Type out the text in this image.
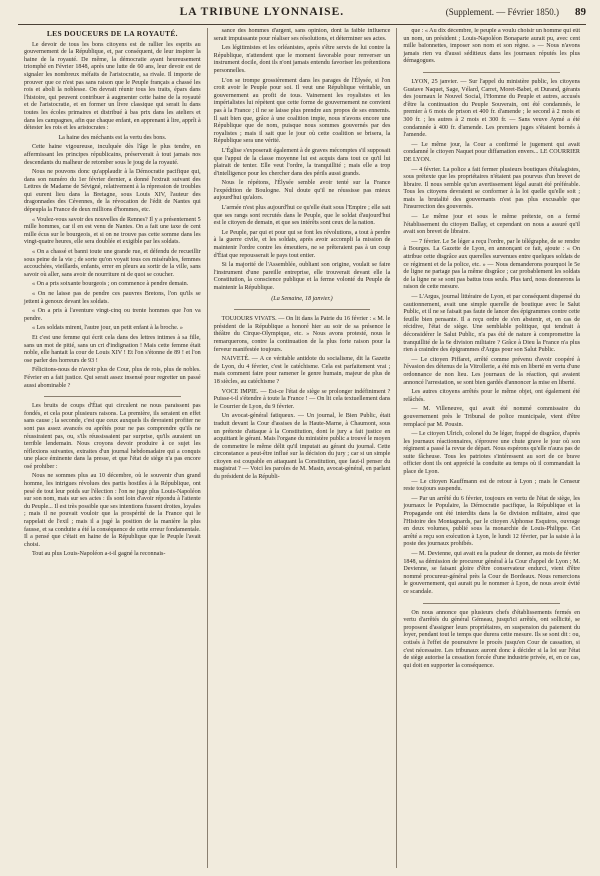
LA TRIBUNE LYONNAISE.	(Supplement. — Février 1850.) 89

LES DOUCEURS DE LA ROYAUTÉ.

Le devoir de tous les bons citoyens est de rallier les esprits au gouvernement de la République, et, par conséquent, de leur inspirer la haine de la royauté. De même, la démocratie ayant heureusement triomphé en Février 1848, après une lutte de 60 ans, leur devoir est de signaler les nombreux méfaits de l'aristocratie, sa rivale. Il importe de prouver que ce n'est pas sans raison que le Peuple français a chassé les rois et aboli la noblesse. On devrait réunir tous les traits, épars dans l'histoire, qui peuvent contribuer à augmenter cette haine de la royauté et de l'aristocratie, et en former un livre classique qui serait lu dans toutes les écoles primaires et distribué à bas prix dans les ateliers et dans les campagnes, afin que chaque enfant, en apprenant à lire, apprît à détester les rois et les aristocrates :

La haine des méchants est la vertu des bons.

Cette haine vigoureuse, inculquée dès l'âge le plus tendre, en affermissant les principes républicains, préserverait à tout jamais nos descendants du malheur de retomber sous le joug de la royauté.

Nous ne pouvons donc qu'applaudir à la Démocratie pacifique qui, dans son numéro du 1er février dernier, a donné l'extrait suivant des Lettres de Madame de Sévigné, relativement à la répression de troubles qui eurent lieu dans la Bretagne, sous Louis XIV, l'auteur des dragonnades des Cévennes, de la révocation de l'édit de Nantes qui dépeupla la France de deux millions d'hommes, etc.

« Voulez-vous savoir des nouvelles de Rennes? Il y a présentement 5 mille hommes, car il en est venu de Nantes. On a fait une taxe de cent mille écus sur le bourgeois, et si on ne trouve pas cette somme dans les vingt-quatre heures, elle sera doublée et exigible par les soldats.

« On a chassé et banni toute une grande rue, et défendu de recueillir sous peine de la vie ; de sorte qu'on voyait tous ces misérables, femmes accouchées, vieillards, enfants, errer en pleurs au sortir de la ville, sans savoir où aller, sans avoir de nourriture ni de quoi se coucher.

« On a pris soixante bourgeois ; on commence à pendre demain.

« On ne laisse pas de pendre ces pauvres Bretons, l'on qu'ils se jettent à genoux devant les soldats.

« On a pris à l'aventure vingt-cinq ou trente hommes que l'on va pendre.

« Les soldats mirent, l'autre jour, un petit enfant à la broche. »

Et c'est une femme qui écrit cela dans des lettres intimes à sa fille, sans un mot de pitié, sans un cri d'indignation ! Mais cette femme était noble, elle hantait la cour de Louis XIV ! Et l'on s'étonne de 89 ! et l'on ose parler des horreurs de 93 !

Félicitons-nous de n'avoir plus de Cour, plus de rois, plus de nobles. Février en a fait justice. Qui serait assez insensé pour regretter un passé aussi abominable ?

Les bruits de coups d'État qui circulent ne nous paraissent pas fondés, et cela pour plusieurs raisons. La première, ils seraient en effet sans cause ; la seconde, c'est que ceux auxquels ils devraient profiter ne sont pas assez avancés ou aprêtés pour ne pas comprendre qu'ils ne réussiraient pas, ou, s'ils réussissaient par surprise, qu'ils auraient un terrible lendemain. Nous croyons devoir produire à ce sujet les réflexions suivantes, extraites d'un journal hebdomadaire qui a conquis une place éminente dans la presse, et que l'état de siège n'a pas encore osé prohiber :

Nous ne sommes plus au 10 décembre, où le souvenir d'un grand homme, les intrigues révolues des partis hostiles à la République, ont pesé de tout leur poids sur l'élection : l'on ne juge plus Louis-Napoléon sur son nom, mais sur ses actes : ils sont loin d'avoir répondu à l'attente du Peuple... Il est très possible que ses intentions fussent droites, loyales ; mais il ne pouvait vouloir que la prospérité de la France qui le rappelait de l'exil ; mais il a jugé la position de la manière la plus fausse, et sa conduite a été la conséquence de cette erreur fondamentale. Il a pensé que c'était en haine de la République que le Peuple l'avait choisi.

Tout au plus Louis-Napoléon a-t-il gagné la reconnais-

sance des hommes d'argent, sans opinion, dont la faible influence serait impuissante pour réaliser ses résolutions, et déterminer ses actes.

Les légitimistes et les orléanistes, après s'être servis de lui contre la République, n'attendent que le moment favorable pour renverser un instrument docile, dont ils n'ont jamais entendu favoriser les prétentions personnelles.

L'on se trompe grossièrement dans les parages de l'Élysée, si l'on croit avoir le Peuple pour soi. Il veut une République véritable, un gouvernement au profit de tous. Vainement les royalistes et les impérialistes lui répètent que cette forme de gouvernement ne convient pas à la France ; il ne se laisse plus prendre aux propos de ses ennemis. Il sait bien que, grâce à une coalition impie, nous n'avons encore une République que de nom, puisque nous sommes gouvernés par des royalistes ; mais il sait que le jour où cette coalition se brisera, la République sera une vérité.

L'Église s'exposerait également à de graves mécomptes s'il supposait que l'appui de la classe moyenne lui est acquis dans tout ce qu'il lui plairait de tenter. Elle veut l'ordre, la tranquillité ; mais elle a trop d'intelligence pour les chercher dans des périls aussi grands.

Nous le répétons, l'Élysée semble avoir tenté sur la France l'expédition de Boulogne. Nul doute qu'il ne réussisse pas mieux aujourd'hui qu'alors.

L'armée n'est plus aujourd'hui ce qu'elle était sous l'Empire ; elle sait que ses rangs sont recrutés dans le Peuple, que le soldat d'aujourd'hui est le citoyen de demain, et que ses intérêts sont ceux de la nation.

Le Peuple, par qui et pour qui se font les révolutions, a tout à perdre à la guerre civile, et les soldats, après avoir accompli la mission de maintenir l'ordre contre les émeutiers, ne se prêteraient pas à un coup d'État que repousserait le pays tout entier.

Si la majorité de l'Assemblée, oubliant son origine, voulait se faire l'instrument d'une pareille entreprise, elle trouverait devant elle la Constitution, la conscience publique et la ferme volonté du Peuple de maintenir la République.

(La Semaine, 18 janvier.)

TOUJOURS VIVATS. — On lit dans la Patrie du 16 février : « M. le président de la République a honoré hier au soir de sa présence le théâtre du Cirque-Olympique, etc. » Nous avons protesté, nous le remarquerons, contre la continuation de la plus forte raison pour la ferveur manifestée toujours.

NAIVETÉ. — A ce véritable antidote du socialisme, dit la Gazette de Lyon, du 4 février, c'est le catéchisme. Cela est parfaitement vrai ; mais comment faire pour ramener le genre humain, majeur de plus de 18 siècles, au catéchisme ?

VOCE IMPIE. — Est-ce l'état de siège se prolonger indéfiniment ? Puisse-t-il s'étendre à toute la France ! — On lit cela textuellement dans le Courrier de Lyon, du 9 février.

Un avocat-général fatiqueux. — Un journal, le Bien Public, était traduit devant la Cour d'assises de la Haute-Marne, à Chaumont, sous un prétexte d'attaque à la Constitution, dont le jury a fait justice en acquittant le gérant. Mais l'organe du ministère public a trouvé le moyen de commettre le même délit qu'il imputait au gérant du journal. Cette circonstance a peut-être influé sur la décision du jury ; car si un simple citoyen est coupable en attaquant la Constitution, que faut-il penser du magistrat ? — Voici les paroles de M. Masin, avocat-général, en parlant du président de la Républi-

que : « Au dix décembre, le peuple a voulu choisir un homme qui eût un nom, un président ; Louis-Napoléon Bonaparte aurait pu, avec cent mille baïonnettes, imposer son nom et son règne. » — Nous n'avons jamais rien vu d'aussi séditieux dans les journaux réputés les plus démagogues.

LYON, 25 janvier. — Sur l'appel du ministère public, les citoyens Gustave Naquet, Sage, Vélard, Carret, Moret-Babet, et Durand, gérants des journaux le Nouvel Social, l'Homme du Peuple et autres, accusés d'être la continuation du Peuple Souverain, ont été condamnés, le premier à 6 mois de prison et 400 fr. d'amende ; le second à 2 mois et 300 fr. ; les autres à 2 mois et 300 fr. — Sans veuve Aymé a été condamnée à 400 fr. d'amende. Les premiers juges s'étaient bornés à l'amende.

— Le même jour, la Cour a confirmé le jugement qui avait condamné le citoyen Naquet pour diffamation envers... LE COURRIER DE LYON.

— 4 février. La police a fait fermer plusieurs boutiques d'étalagistes, sous prétexte que les propriétaires n'étaient pas pourvus d'un brevet de libraire. Il nous semble qu'un avertissement légal aurait été préférable. Tous les citoyens devraient se conformer à la loi quelle qu'elle soit ; mais la brutalité des gouvernants n'est pas plus excusable que l'insurrection des gouvernés.

— Le même jour et sous le même prétexte, on a fermé l'établissement du citoyen Ballay, et cependant on nous a assuré qu'il avait son brevet de libraire.

— 7 février. Le 5e léger a reçu l'ordre, par le télégraphe, de se rendre à Bourges. La Gazette de Lyon, en annonçant ce fait, ajoute : « On attribue cette disgrâce aux querelles survenues entre quelques soldats de ce régiment et de la police, etc. » — Nous demanderons pourquoi le 5e de ligne ne partage pas la même disgrâce ; car probablement les soldats de la ligne ne se sont pas battus tous seuls. Plus tard, nous donnerons la raison de cette mesure.

— L'Argus, journal littéraire de Lyon, et par conséquent dispensé du cautionnement, avait une simple querelle de boutique avec le Salut Public, et il ne se faisait pas faute de lancer des épigrammes contre cette feuille bien pensante. Il a reçu ordre de s'en abstenir, et, en cas de récidive, l'état de siège. Une semblable politique, qui tendrait à déconsidérer le Salut Public, n'a pas été de nature à compromettre la tranquillité de la 6e division militaire ? Grâce à Dieu la France n'a plus rien à craindre des épigrammes d'Argus pour son Salut Public.

— Le citoyen Piffaret, arrêté comme prévenu d'avoir coopéré à l'évasion des détenus de la Vitrollerie, a été mis en liberté en vertu d'une ordonnance de non lieu. Les journaux de la réaction, qui avaient annoncé l'arrestation, se sont bien gardés d'annoncer la mise en liberté.

Les autres citoyens arrêtés pour le même objet, ont également été relâchés.

— M. Villeneuve, qui avait été nommé commissaire du gouvernement près le Tribunal de police municipale, vient d'être remplacé par M. Pousin.

— Le citoyen Ulrich, colonel du 3e léger, frappé de disgrâce, d'après les journaux réactionnaires, s'éprouve une chute grave le jour où son régiment a passé la revue de départ. Nous espérons qu'elle n'aura pas de suite fâcheuse. Tous les patriotes s'intéressent au sort de ce brave officier dont ils ont apprécié la conduite au temps où il commandait la place de Lyon.

— Le citoyen Kauffmann est de retour à Lyon ; mais le Censeur reste toujours suspendu.

— Par un arrêté du 6 février, toujours en vertu de l'état de siège, les journaux le Populaire, la Démocratie pacifique, la République et la Propagande ont été interdits dans la 6e division militaire, ainsi que l'Histoire des Montagnards, par le citoyen Alphonse Esquiros, ouvrage en deux volumes, publié sous la monarchie de Louis-Philippe. Cet arrêté a reçu son exécution à Lyon, le lundi 12 février, par la saisie à la poste des journaux prohibés.

— M. Devienne, qui avait eu la pudeur de donner, au mois de février 1848, sa démission de procureur général à la Cour d'appel de Lyon ; M. Devienne, se faisant gloire d'être conservateur endurci, vient d'être nommé procureur-général près la Cour de Bordeaux. Nous remercions le gouvernement, qui aurait pu le nommer à Lyon, de nous avoir évité ce scandale.

On nous annonce que plusieurs chefs d'établissements fermés en vertu d'arrêtés du général Gémeau, jusqu'ici arrêtés, ont sollicité, se proposent d'assigner leurs propriétaires, en suspension du paiement du loyer, pendant tout le temps que durera cette mesure. Ils se sont dit : ou, cotisés à l'effet de poursuivre le procès jusqu'en Cour de cassation, si c'est nécessaire. Les tribunaux auront donc à décider si la loi sur l'état de siège autorise la cessation forcée d'une industrie privée, et, en ce cas, qui doit en supporter la conséquence.
